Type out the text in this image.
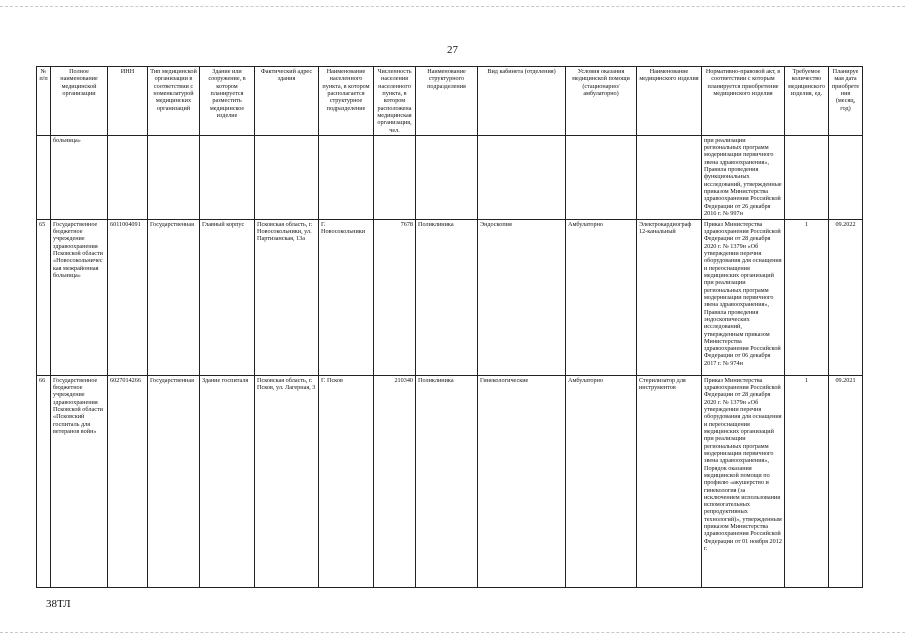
27
№ п/п	Полное наименование медицинской организации	ИНН	Тип медицинской организации в соответствии с номенклатурой медицинских организаций	Здание или сооружение, в котором планируется разместить медицинское изделие	Фактический адрес здания	Наименование населенного пункта, в котором располагается структурное подразделение	Численность населения населенного пункта, в котором расположена медицинская организация, чел.	Наименование структурного подразделения	Вид кабинета (отделения)	Условия оказания медицинской помощи (стационарно/ амбулаторно)	Наименование медицинского изделия	Нормативно-правовой акт, в соответствии с которым планируется приобретение медицинского изделия	Требуемое количество медицинского изделия, ед.	Планируемая дата приобретения (месяц, год)
	больница»											при реализации региональных программ модернизации первичного звена здравоохранения», Правила проведения функциональных исследований, утвержденные приказом Министерства здравоохранения Российской Федерации от 26 декабря 2016 г. № 997н		
65	Государственное бюджетное учреждение здравоохранения Псковской области «Новосокольническая межрайонная больница»	6011004091	Государственная	Главный корпус	Псковская область, г. Новосокольники, ул. Партизанская, 13а	Г. Новосокольники	7678	Поликлиника	Эндоскопия	Амбулаторно	Электрокардиограф 12-канальный	Приказ Министерства здравоохранения Российской Федерации от 28 декабря 2020 г. № 1379н «Об утверждении перечня оборудования для оснащения и переоснащения медицинских организаций при реализации региональных программ модернизации первичного звена здравоохранения», Правила проведения эндоскопических исследований, утвержденным приказом Министерства здравоохранения Российской Федерации от 06 декабря 2017 г. № 974н	1	09.2022
66	Государственное бюджетное учреждение здравоохранения Псковской области «Псковский госпиталь для ветеранов войн»	6027014266	Государственная	Здание госпиталя	Псковская область, г. Псков, ул. Лагерная, 3	Г. Псков	210340	Поликлиника	Гинекологические	Амбулаторно	Стерилизатор для инструментов	Приказ Министерства здравоохранения Российской Федерации от 28 декабря 2020 г. № 1379н «Об утверждении перечня оборудования для оснащения и переоснащения медицинских организаций при реализации региональных программ модернизации первичного звена здравоохранения», Порядок оказания медицинской помощи по профилю «акушерство и гинекология (за исключением использования вспомогательных репродуктивных технологий)», утвержденным приказом Министерства здравоохранения Российской Федерации от 01 ноября 2012 г.	1	09.2021
38ТЛ
